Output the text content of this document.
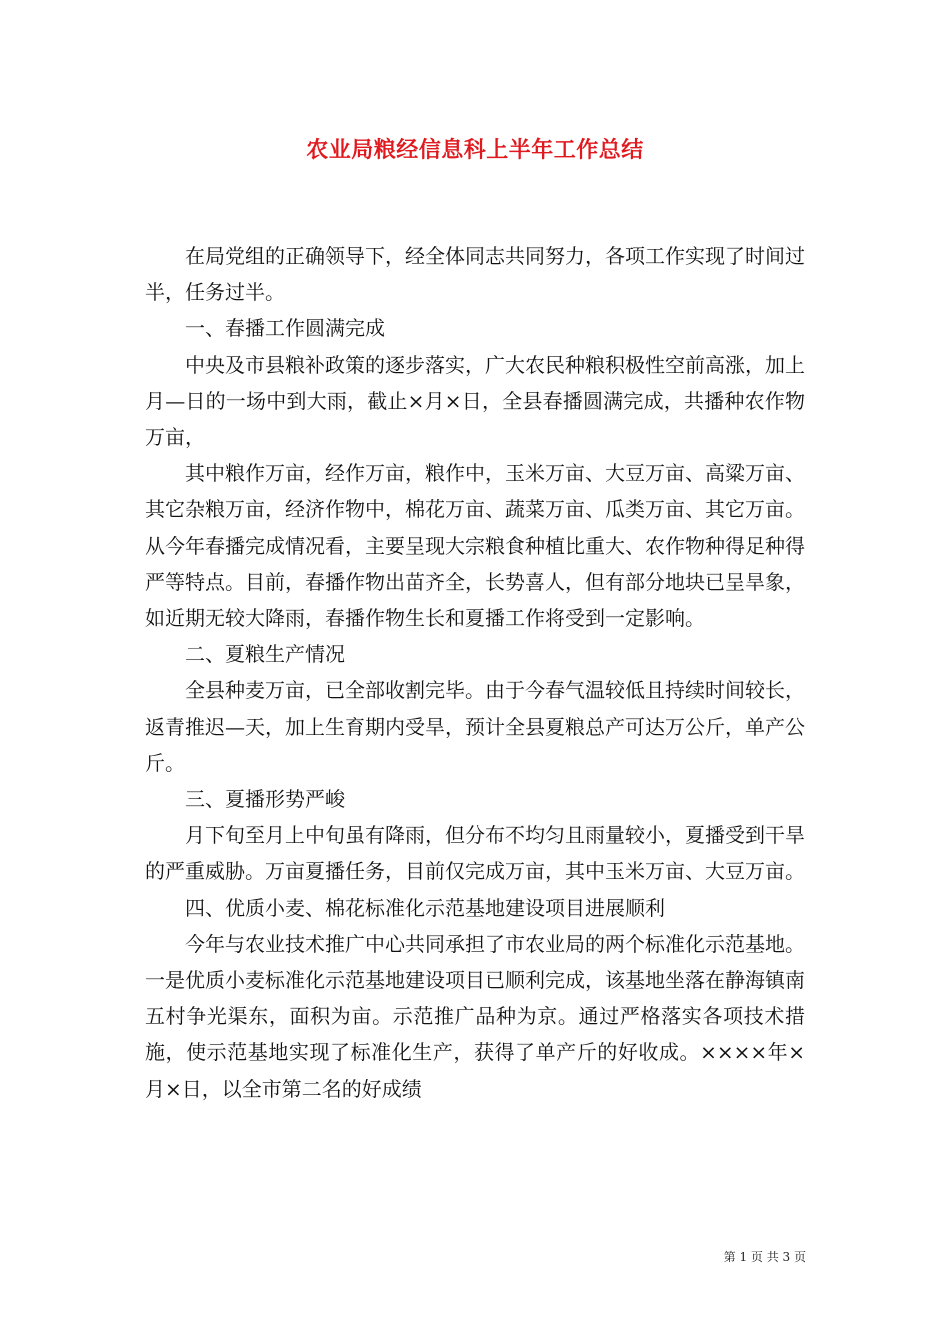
农业局粮经信息科上半年工作总结

在局党组的正确领导下，经全体同志共同努力，各项工作实现了时间过半，任务过半。

一、春播工作圆满完成

中央及市县粮补政策的逐步落实，广大农民种粮积极性空前高涨，加上月—日的一场中到大雨，截止×月×日，全县春播圆满完成，共播种农作物万亩，

其中粮作万亩，经作万亩，粮作中，玉米万亩、大豆万亩、高粱万亩、其它杂粮万亩，经济作物中，棉花万亩、蔬菜万亩、瓜类万亩、其它万亩。从今年春播完成情况看，主要呈现大宗粮食种植比重大、农作物种得足种得严等特点。目前，春播作物出苗齐全，长势喜人，但有部分地块已呈旱象，如近期无较大降雨，春播作物生长和夏播工作将受到一定影响。

二、夏粮生产情况

全县种麦万亩，已全部收割完毕。由于今春气温较低且持续时间较长，返青推迟—天，加上生育期内受旱，预计全县夏粮总产可达万公斤，单产公斤。

三、夏播形势严峻

月下旬至月上中旬虽有降雨，但分布不均匀且雨量较小，夏播受到干旱的严重威胁。万亩夏播任务，目前仅完成万亩，其中玉米万亩、大豆万亩。

四、优质小麦、棉花标准化示范基地建设项目进展顺利

今年与农业技术推广中心共同承担了市农业局的两个标准化示范基地。一是优质小麦标准化示范基地建设项目已顺利完成，该基地坐落在静海镇南五村争光渠东，面积为亩。示范推广品种为京。通过严格落实各项技术措施，使示范基地实现了标准化生产，获得了单产斤的好收成。××××年×月×日，以全市第二名的好成绩

第 1 页 共 3 页
